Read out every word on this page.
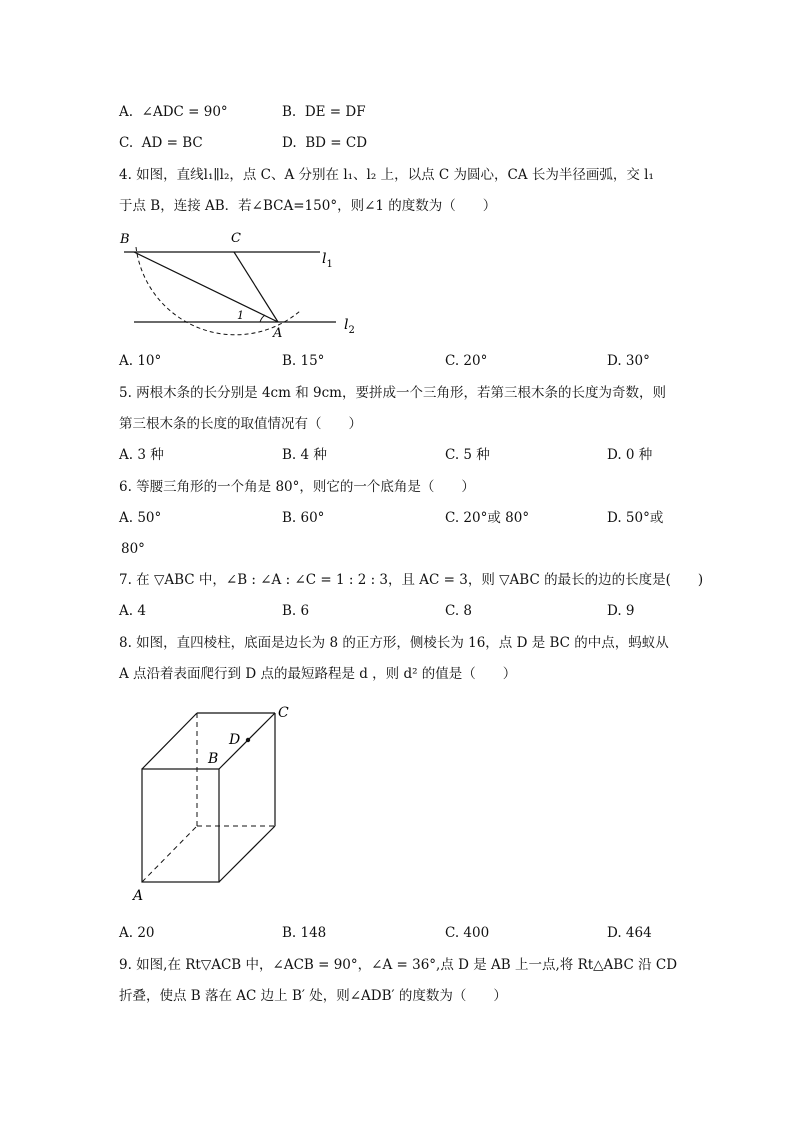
A. ∠ADC = 90°	B. DE = DF
C. AD = BC	D. BD = CD
4. 如图，直线l₁∥l₂，点 C、A 分别在 l₁、l₂ 上，以点 C 为圆心，CA 长为半径画弧，交 l₁
于点 B，连接 AB．若∠BCA=150°，则∠1 的度数为（　　）
B	C
A
1
$l_1$
$l_2$
A. 10°	B. 15°	C. 20°	D. 30°
5. 两根木条的长分别是 4cm 和 9cm，要拼成一个三角形，若第三根木条的长度为奇数，则
第三根木条的长度的取值情况有（　　）
A. 3 种	B. 4 种	C. 5 种	D. 0 种
6. 等腰三角形的一个角是 80°，则它的一个底角是（　　）
A. 50°	B. 60°	C. 20°或 80°	D. 50°或
80°
7. 在 ▽ABC 中，∠B : ∠A : ∠C = 1 : 2 : 3，且 AC = 3，则 ▽ABC 的最长的边的长度是(　　)
A. 4	B. 6	C. 8	D. 9
8. 如图，直四棱柱，底面是边长为 8 的正方形，侧棱长为 16，点 D 是 BC 的中点，蚂蚁从
A 点沿着表面爬行到 D 点的最短路程是 d ，则 d² 的值是（　　）
C
D
B
A
A. 20	B. 148	C. 400	D. 464
9. 如图,在 Rt▽ACB 中，∠ACB = 90°，∠A = 36°,点 D 是 AB 上一点,将 Rt△ABC 沿 CD
折叠，使点 B 落在 AC 边上 B′ 处，则∠ADB′ 的度数为（　　）
